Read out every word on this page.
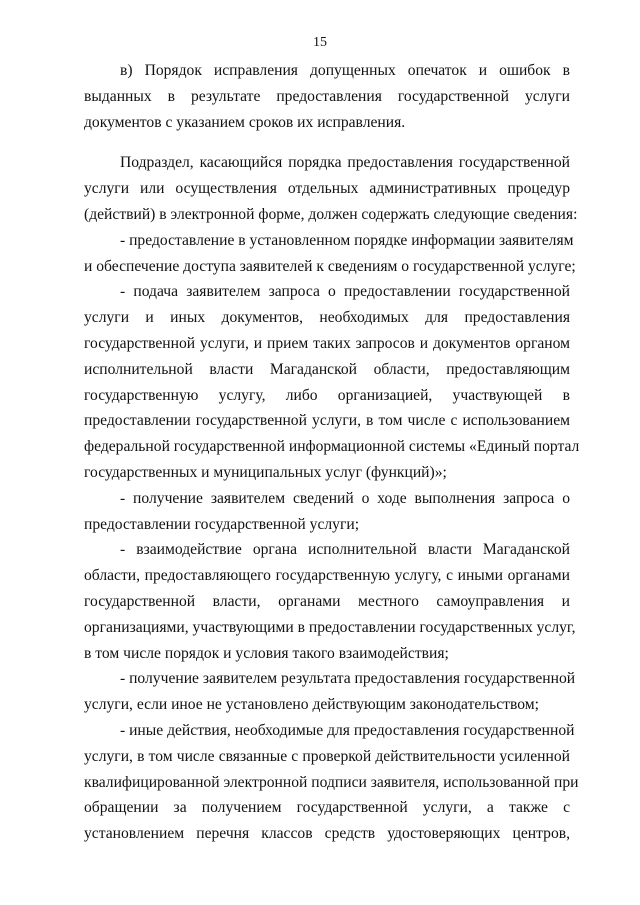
15
в) Порядок исправления допущенных опечаток и ошибок в
выданных в результате предоставления государственной услуги
документов с указанием сроков их исправления.
Подраздел, касающийся порядка предоставления государственной
услуги или осуществления отдельных административных процедур
(действий) в электронной форме, должен содержать следующие сведения:
- предоставление в установленном порядке информации заявителям
и обеспечение доступа заявителей к сведениям о государственной услуге;
- подача заявителем запроса о предоставлении государственной
услуги и иных документов, необходимых для предоставления
государственной услуги, и прием таких запросов и документов органом
исполнительной власти Магаданской области, предоставляющим
государственную услугу, либо организацией, участвующей в
предоставлении государственной услуги, в том числе с использованием
федеральной государственной информационной системы «Единый портал
государственных и муниципальных услуг (функций)»;
- получение заявителем сведений о ходе выполнения запроса о
предоставлении государственной услуги;
- взаимодействие органа исполнительной власти Магаданской
области, предоставляющего государственную услугу, с иными органами
государственной власти, органами местного самоуправления и
организациями, участвующими в предоставлении государственных услуг,
в том числе порядок и условия такого взаимодействия;
- получение заявителем результата предоставления государственной
услуги, если иное не установлено действующим законодательством;
- иные действия, необходимые для предоставления государственной
услуги, в том числе связанные с проверкой действительности усиленной
квалифицированной электронной подписи заявителя, использованной при
обращении за получением государственной услуги, а также с
установлением перечня классов средств удостоверяющих центров,
